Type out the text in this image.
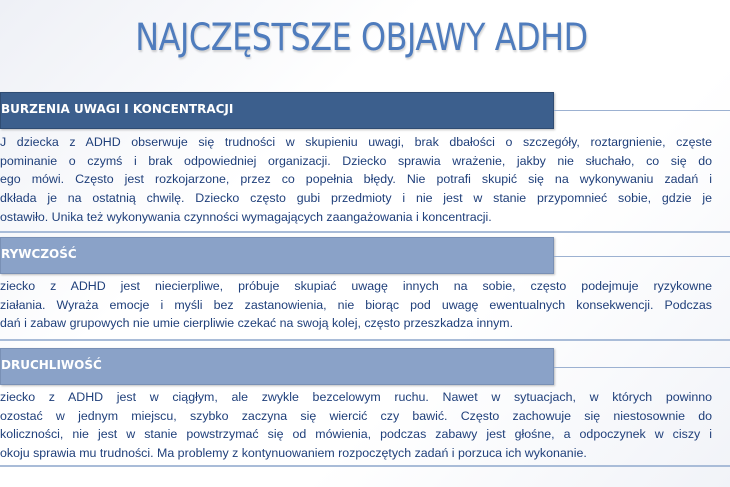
NAJCZĘSTSZE OBJAWY ADHD
BURZENIA UWAGI I KONCENTRACJI
J dziecka z ADHD obserwuje się trudności w skupieniu uwagi, brak dbałości o szczegóły, roztargnienie, częste
pominanie o czymś i brak odpowiedniej organizacji. Dziecko sprawia wrażenie, jakby nie słuchało, co się do
ego mówi. Często jest rozkojarzone, przez co popełnia błędy. Nie potrafi skupić się na wykonywaniu zadań i
dkłada je na ostatnią chwilę. Dziecko często gubi przedmioty i nie jest w stanie przypomnieć sobie, gdzie je
ostawiło. Unika też wykonywania czynności wymagających zaangażowania i koncentracji.
RYWCZOŚĆ
ziecko z ADHD jest niecierpliwe, próbuje skupiać uwagę innych na sobie, często podejmuje ryzykowne
ziałania. Wyraża emocje i myśli bez zastanowienia, nie biorąc pod uwagę ewentualnych konsekwencji. Podczas
dań i zabaw grupowych nie umie cierpliwie czekać na swoją kolej, często przeszkadza innym.
DRUCHLIWOŚĆ
ziecko z ADHD jest w ciągłym, ale zwykle bezcelowym ruchu. Nawet w sytuacjach, w których powinno
ozostać w jednym miejscu, szybko zaczyna się wiercić czy bawić. Często zachowuje się niestosownie do
koliczności, nie jest w stanie powstrzymać się od mówienia, podczas zabawy jest głośne, a odpoczynek w ciszy i
okoju sprawia mu trudności. Ma problemy z kontynuowaniem rozpoczętych zadań i porzuca ich wykonanie.
